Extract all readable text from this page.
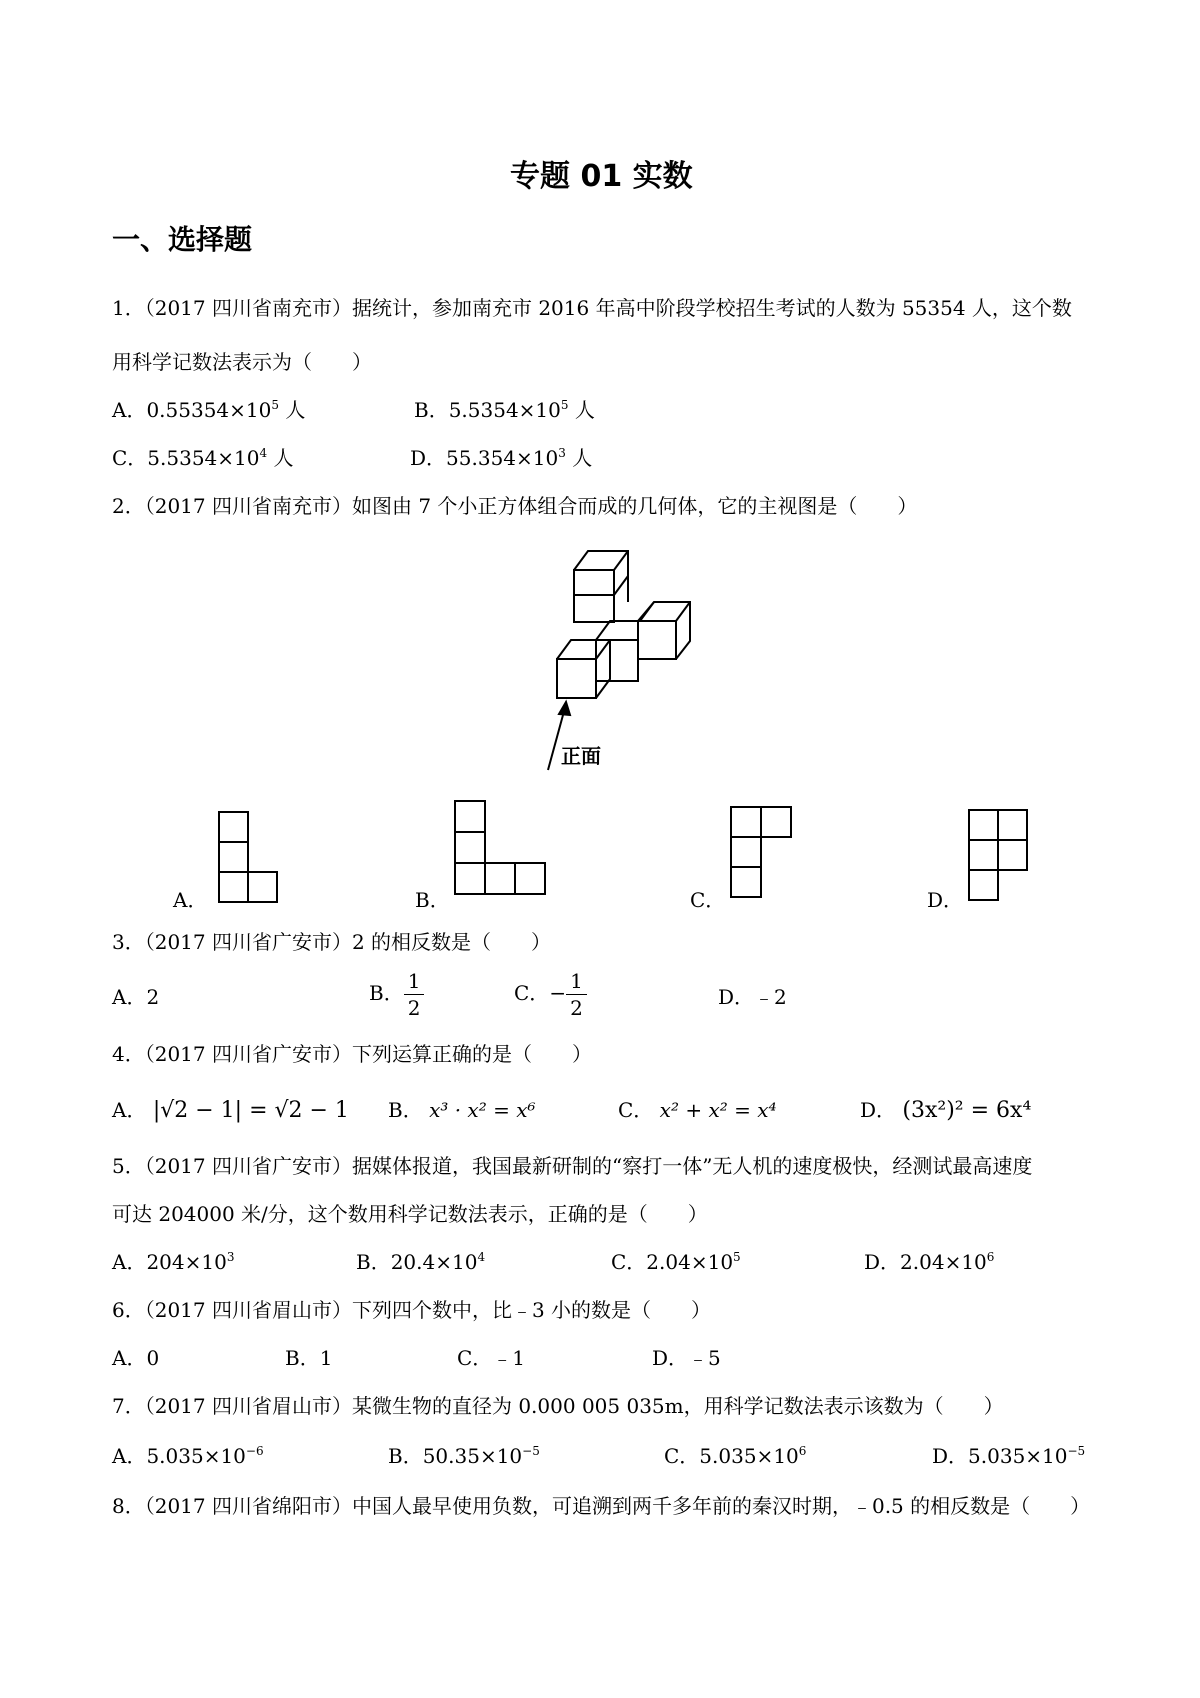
专题 01 实数
一、选择题
1．（2017 四川省南充市）据统计，参加南充市 2016 年高中阶段学校招生考试的人数为 55354 人，这个数
用科学记数法表示为（　　）
A．$0.55354\times 10^5$ 人	B．$5.5354\times 10^5$ 人
C．$5.5354\times 10^4$ 人	D．$55.354\times 10^3$ 人
2．（2017 四川省南充市）如图由 7 个小正方体组合而成的几何体，它的主视图是（　　）
正面
A．	B．	C．	D．
3．（2017 四川省广安市）2 的相反数是（　　）
A．2	B． $\frac{1}{2}$	C．− $\frac{1}{2}$	D．﹣2
4．（2017 四川省广安市）下列运算正确的是（　　）
A． |√2 − 1| = √2 − 1 B． x³ · x² = x⁶	C． x² + x² = x⁴	D． (3x²)² = 6x⁴
5．（2017 四川省广安市）据媒体报道，我国最新研制的“察打一体”无人机的速度极快，经测试最高速度
可达 204000 米/分，这个数用科学记数法表示，正确的是（　　）
A．$204\times 10^3$	B．$20.4\times 10^4$	C．$2.04\times 10^5$	D．$2.04\times 10^6$
6．（2017 四川省眉山市）下列四个数中，比﹣3 小的数是（　　）
A．0	B．1	C．﹣1	D．﹣5
7．（2017 四川省眉山市）某微生物的直径为 0.000 005 035m，用科学记数法表示该数为（　　）
A．$5.035\times 10^{-6}$	B．$50.35\times 10^{-5}$	C．$5.035\times 10^6$	D．$5.035\times 10^{-5}$
8．（2017 四川省绵阳市）中国人最早使用负数，可追溯到两千多年前的秦汉时期，﹣0.5 的相反数是（　　）
